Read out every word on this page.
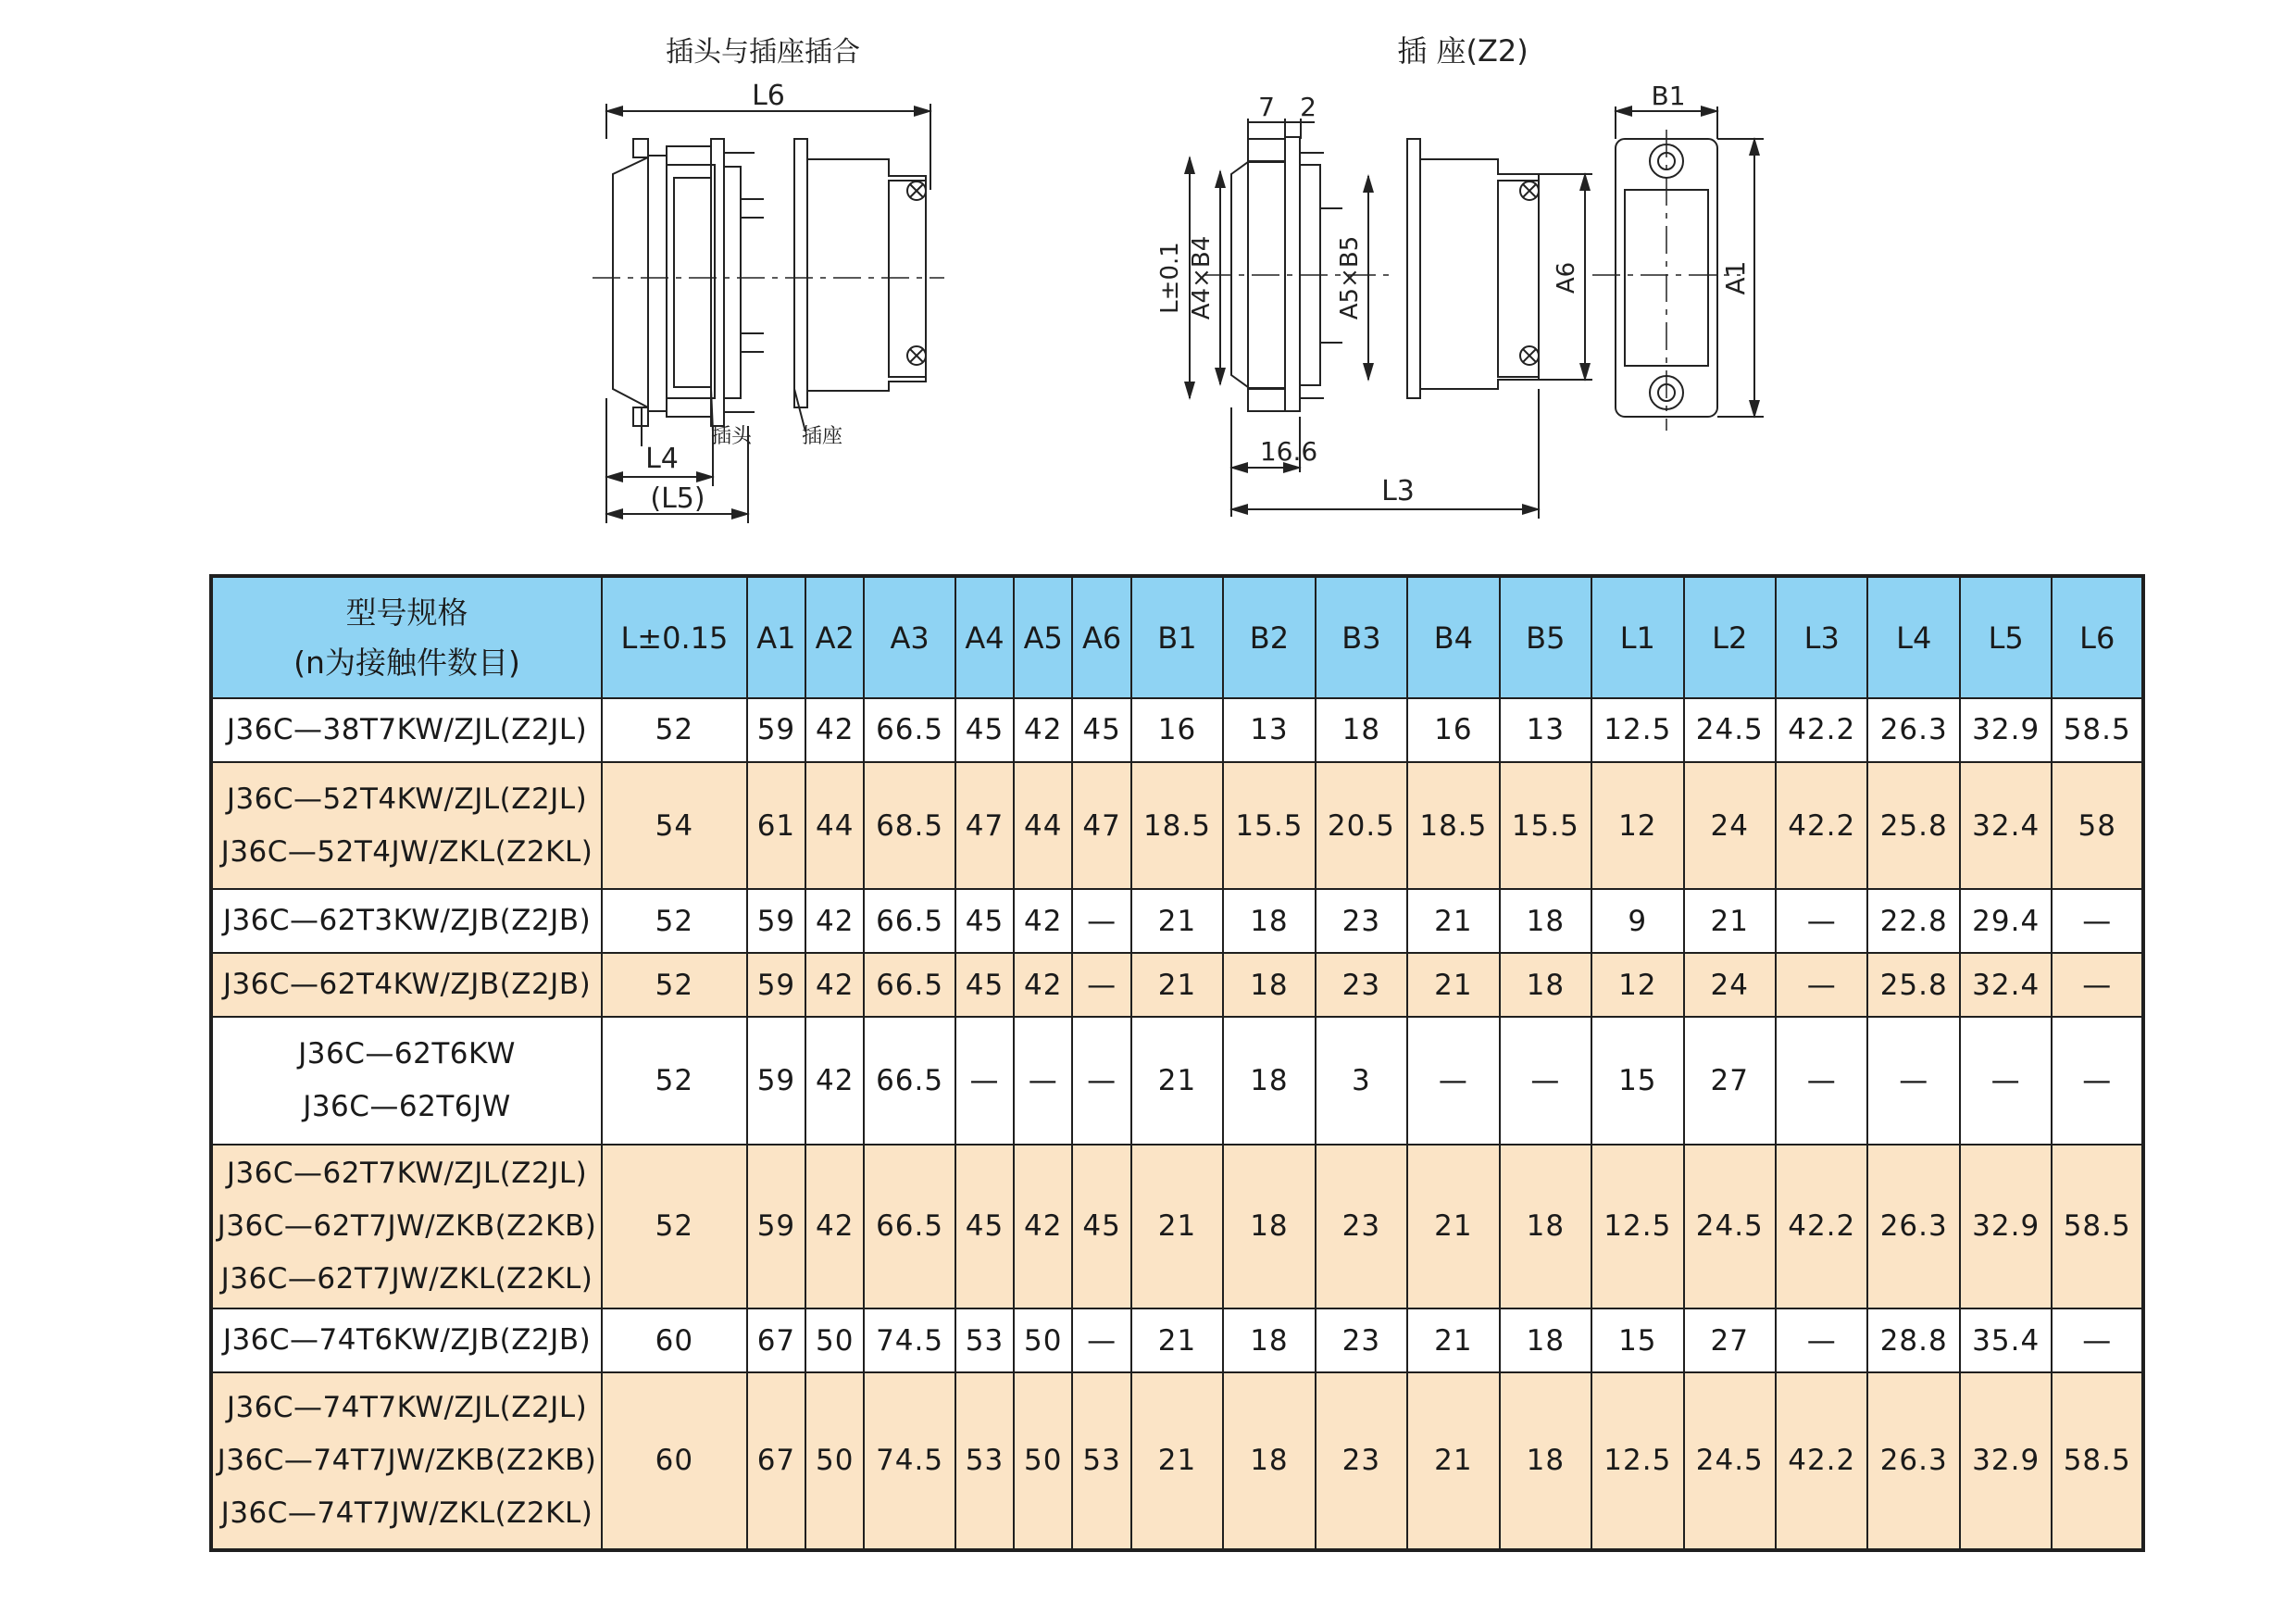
插头与插座插合
L6
插头 插座
L4
(L5)
插 座(Z2)
7 2
L±0.1 A4×B4	A5×B5	A6
16.6
L3
B1
A1
型号规格
(n为接触件数目)	L±0.15	A1	A2	A3	A4	A5	A6	B1	B2	B3	B4	B5	L1	L2	L3	L4	L5	L6

J36C—38T7KW/ZJL(Z2JL)	52	59	42	66.5	45	42	45	16	13	18	16	13	12.5	24.5	42.2	26.3	32.9	58.5

J36C—52T4KW/ZJL(Z2JL)
J36C—52T4JW/ZKL(Z2KL)	54	61	44	68.5	47	44	47	18.5	15.5	20.5	18.5	15.5	12	24	42.2	25.8	32.4	58

J36C—62T3KW/ZJB(Z2JB)	52	59	42	66.5	45	42	—	21	18	23	21	18	9	21	—	22.8	29.4	—

J36C—62T4KW/ZJB(Z2JB)	52	59	42	66.5	45	42	—	21	18	23	21	18	12	24	—	25.8	32.4	—

J36C—62T6KW
J36C—62T6JW	52	59	42	66.5	—	—	—	21	18	3	—	—	15	27	—	—	—	—

J36C—62T7KW/ZJL(Z2JL)
J36C—62T7JW/ZKB(Z2KB)
J36C—62T7JW/ZKL(Z2KL)	52	59	42	66.5	45	42	45	21	18	23	21	18	12.5	24.5	42.2	26.3	32.9	58.5

J36C—74T6KW/ZJB(Z2JB)	60	67	50	74.5	53	50	—	21	18	23	21	18	15	27	—	28.8	35.4	—

J36C—74T7KW/ZJL(Z2JL)
J36C—74T7JW/ZKB(Z2KB)
J36C—74T7JW/ZKL(Z2KL)	60	67	50	74.5	53	50	53	21	18	23	21	18	12.5	24.5	42.2	26.3	32.9	58.5
